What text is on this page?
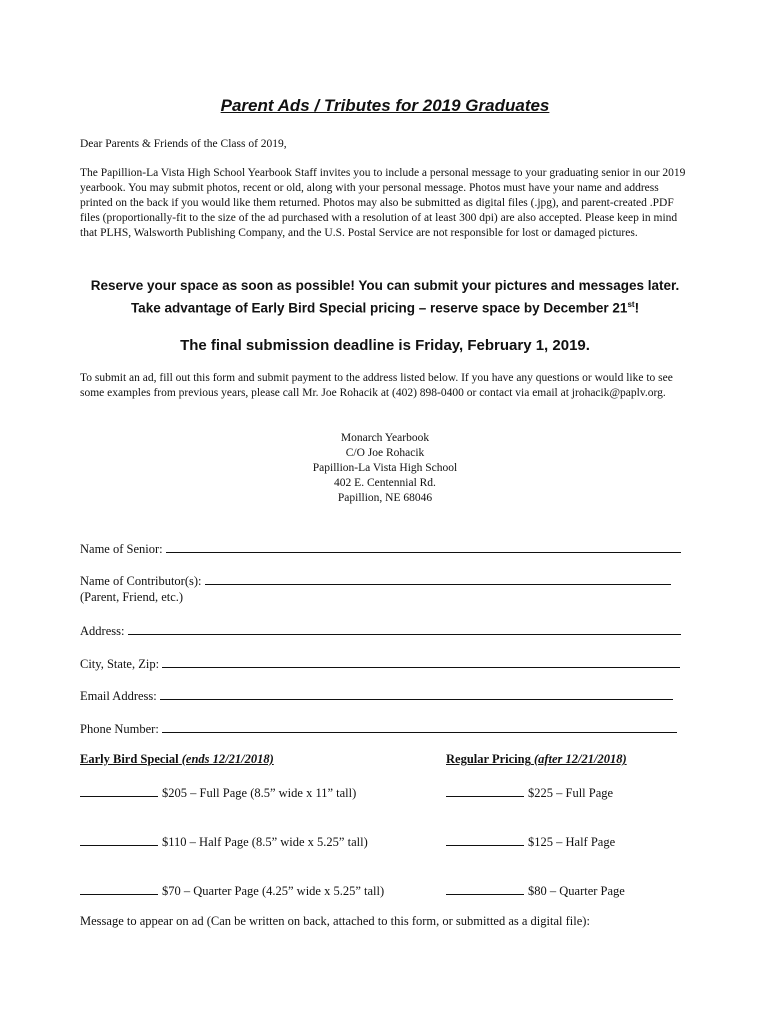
Parent Ads / Tributes for 2019 Graduates
Dear Parents & Friends of the Class of 2019,
The Papillion-La Vista High School Yearbook Staff invites you to include a personal message to your graduating senior in our 2019 yearbook. You may submit photos, recent or old, along with your personal message. Photos must have your name and address printed on the back if you would like them returned. Photos may also be submitted as digital files (.jpg), and parent-created .PDF files (proportionally-fit to the size of the ad purchased with a resolution of at least 300 dpi) are also accepted. Please keep in mind that PLHS, Walsworth Publishing Company, and the U.S. Postal Service are not responsible for lost or damaged pictures.
Reserve your space as soon as possible! You can submit your pictures and messages later.
Take advantage of Early Bird Special pricing – reserve space by December 21st!
The final submission deadline is Friday, February 1, 2019.
To submit an ad, fill out this form and submit payment to the address listed below. If you have any questions or would like to see some examples from previous years, please call Mr. Joe Rohacik at (402) 898-0400 or contact via email at jrohacik@paplv.org.
Monarch Yearbook
C/O Joe Rohacik
Papillion-La Vista High School
402 E. Centennial Rd.
Papillion, NE 68046
Name of Senior:
Name of Contributor(s):
(Parent, Friend, etc.)
Address:
City, State, Zip:
Email Address:
Phone Number:
Early Bird Special (ends 12/21/2018)	Regular Pricing (after 12/21/2018)
$205 – Full Page (8.5” wide x 11” tall)	$225 – Full Page
$110 – Half Page (8.5” wide x 5.25” tall)	$125 – Half Page
$70 – Quarter Page (4.25” wide x 5.25” tall)	$80 – Quarter Page
Message to appear on ad (Can be written on back, attached to this form, or submitted as a digital file):
